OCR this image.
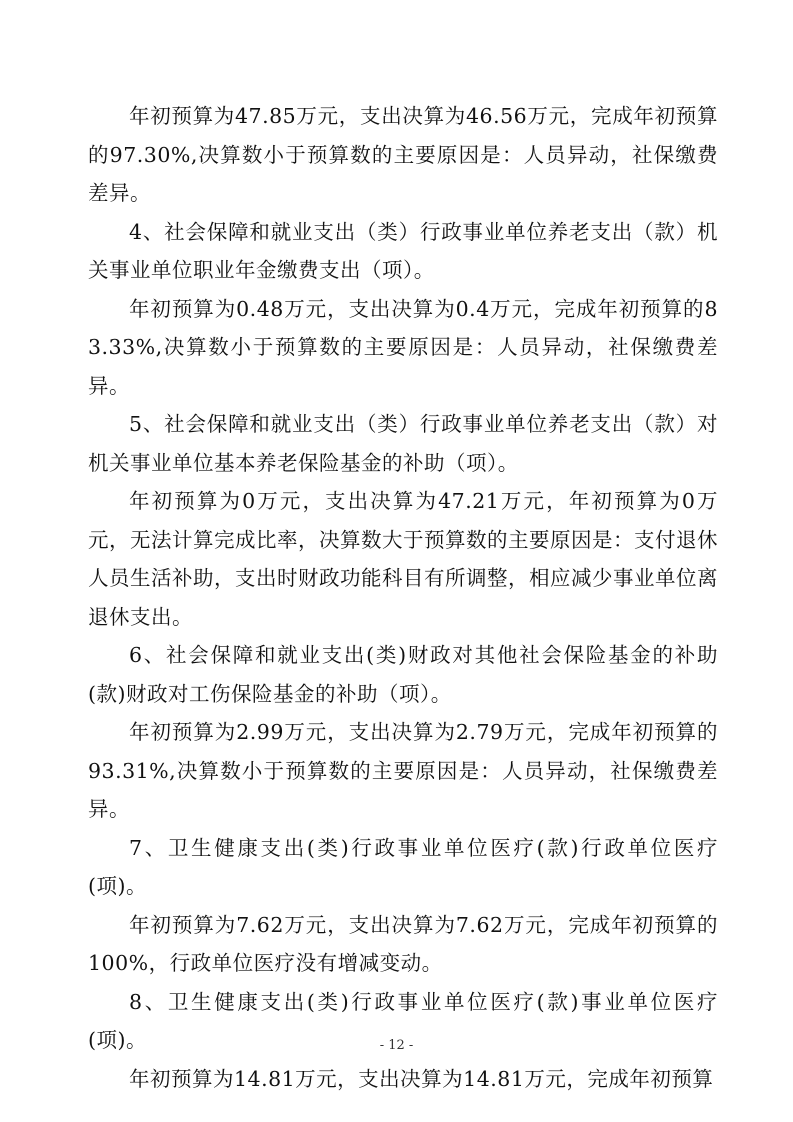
年初预算为47.85万元，支出决算为46.56万元，完成年初预算的97.30%,决算数小于预算数的主要原因是：人员异动，社保缴费差异。

4、社会保障和就业支出（类）行政事业单位养老支出（款）机关事业单位职业年金缴费支出（项）。

年初预算为0.48万元，支出决算为0.4万元，完成年初预算的83.33%,决算数小于预算数的主要原因是：人员异动，社保缴费差异。

5、社会保障和就业支出（类）行政事业单位养老支出（款）对机关事业单位基本养老保险基金的补助（项）。

年初预算为0万元，支出决算为47.21万元，年初预算为0万元，无法计算完成比率，决算数大于预算数的主要原因是：支付退休人员生活补助，支出时财政功能科目有所调整，相应减少事业单位离退休支出。

6、社会保障和就业支出(类)财政对其他社会保险基金的补助(款)财政对工伤保险基金的补助（项）。

年初预算为2.99万元，支出决算为2.79万元，完成年初预算的93.31%,决算数小于预算数的主要原因是：人员异动，社保缴费差异。

7、卫生健康支出(类)行政事业单位医疗(款)行政单位医疗(项)。

年初预算为7.62万元，支出决算为7.62万元，完成年初预算的100%，行政单位医疗没有增减变动。

8、卫生健康支出(类)行政事业单位医疗(款)事业单位医疗(项)。

年初预算为14.81万元，支出决算为14.81万元，完成年初预算

- 12 -
